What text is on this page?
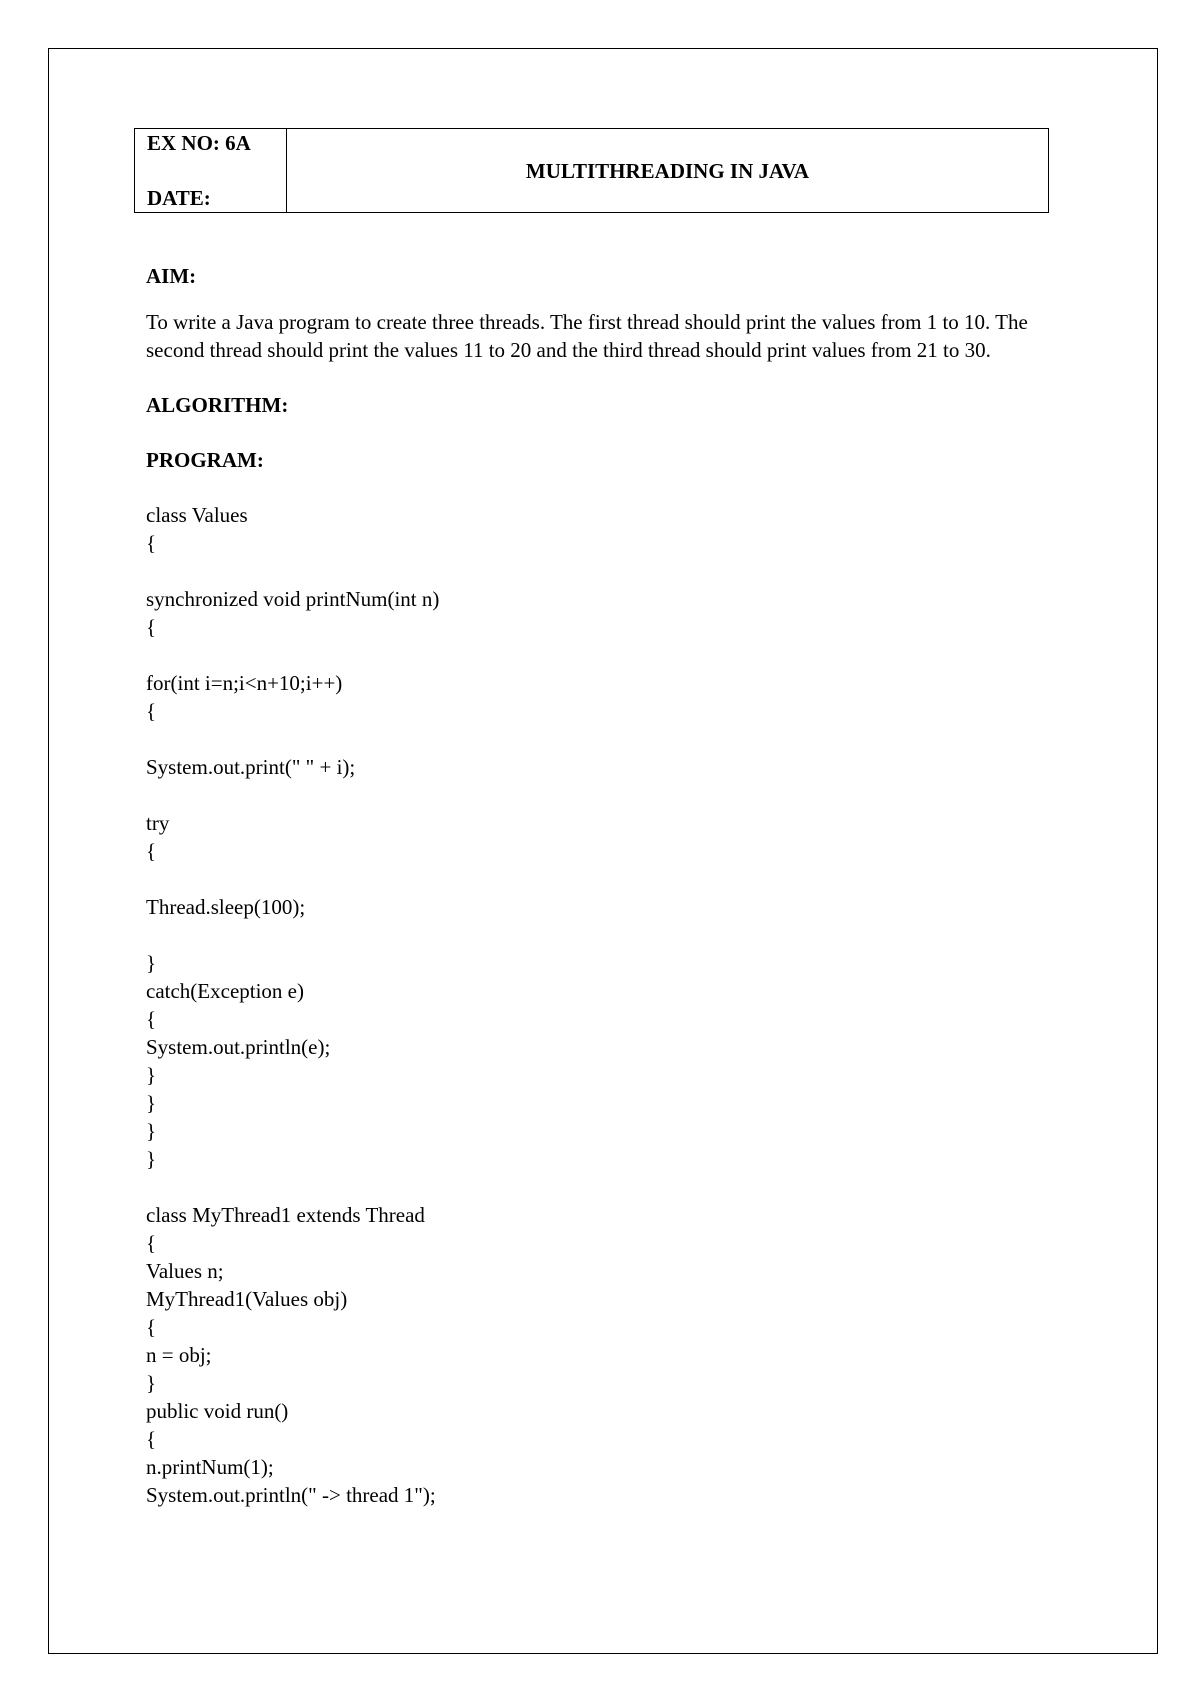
EX NO: 6A
DATE:
MULTITHREADING IN JAVA

AIM:

To write a Java program to create three threads. The first thread should print the values from 1 to 10. The second thread should print the values 11 to 20 and the third thread should print values from 21 to 30.

ALGORITHM:

PROGRAM:

class Values
{
synchronized void printNum(int n)
{
for(int i=n;i<n+10;i++)
{
System.out.print(" " + i);
try
{
Thread.sleep(100);
}
catch(Exception e)
{
System.out.println(e);
}
}
}
}
class MyThread1 extends Thread
{
Values n;
MyThread1(Values obj)
{
n = obj;
}
public void run()
{
n.printNum(1);
System.out.println(" -> thread 1");
